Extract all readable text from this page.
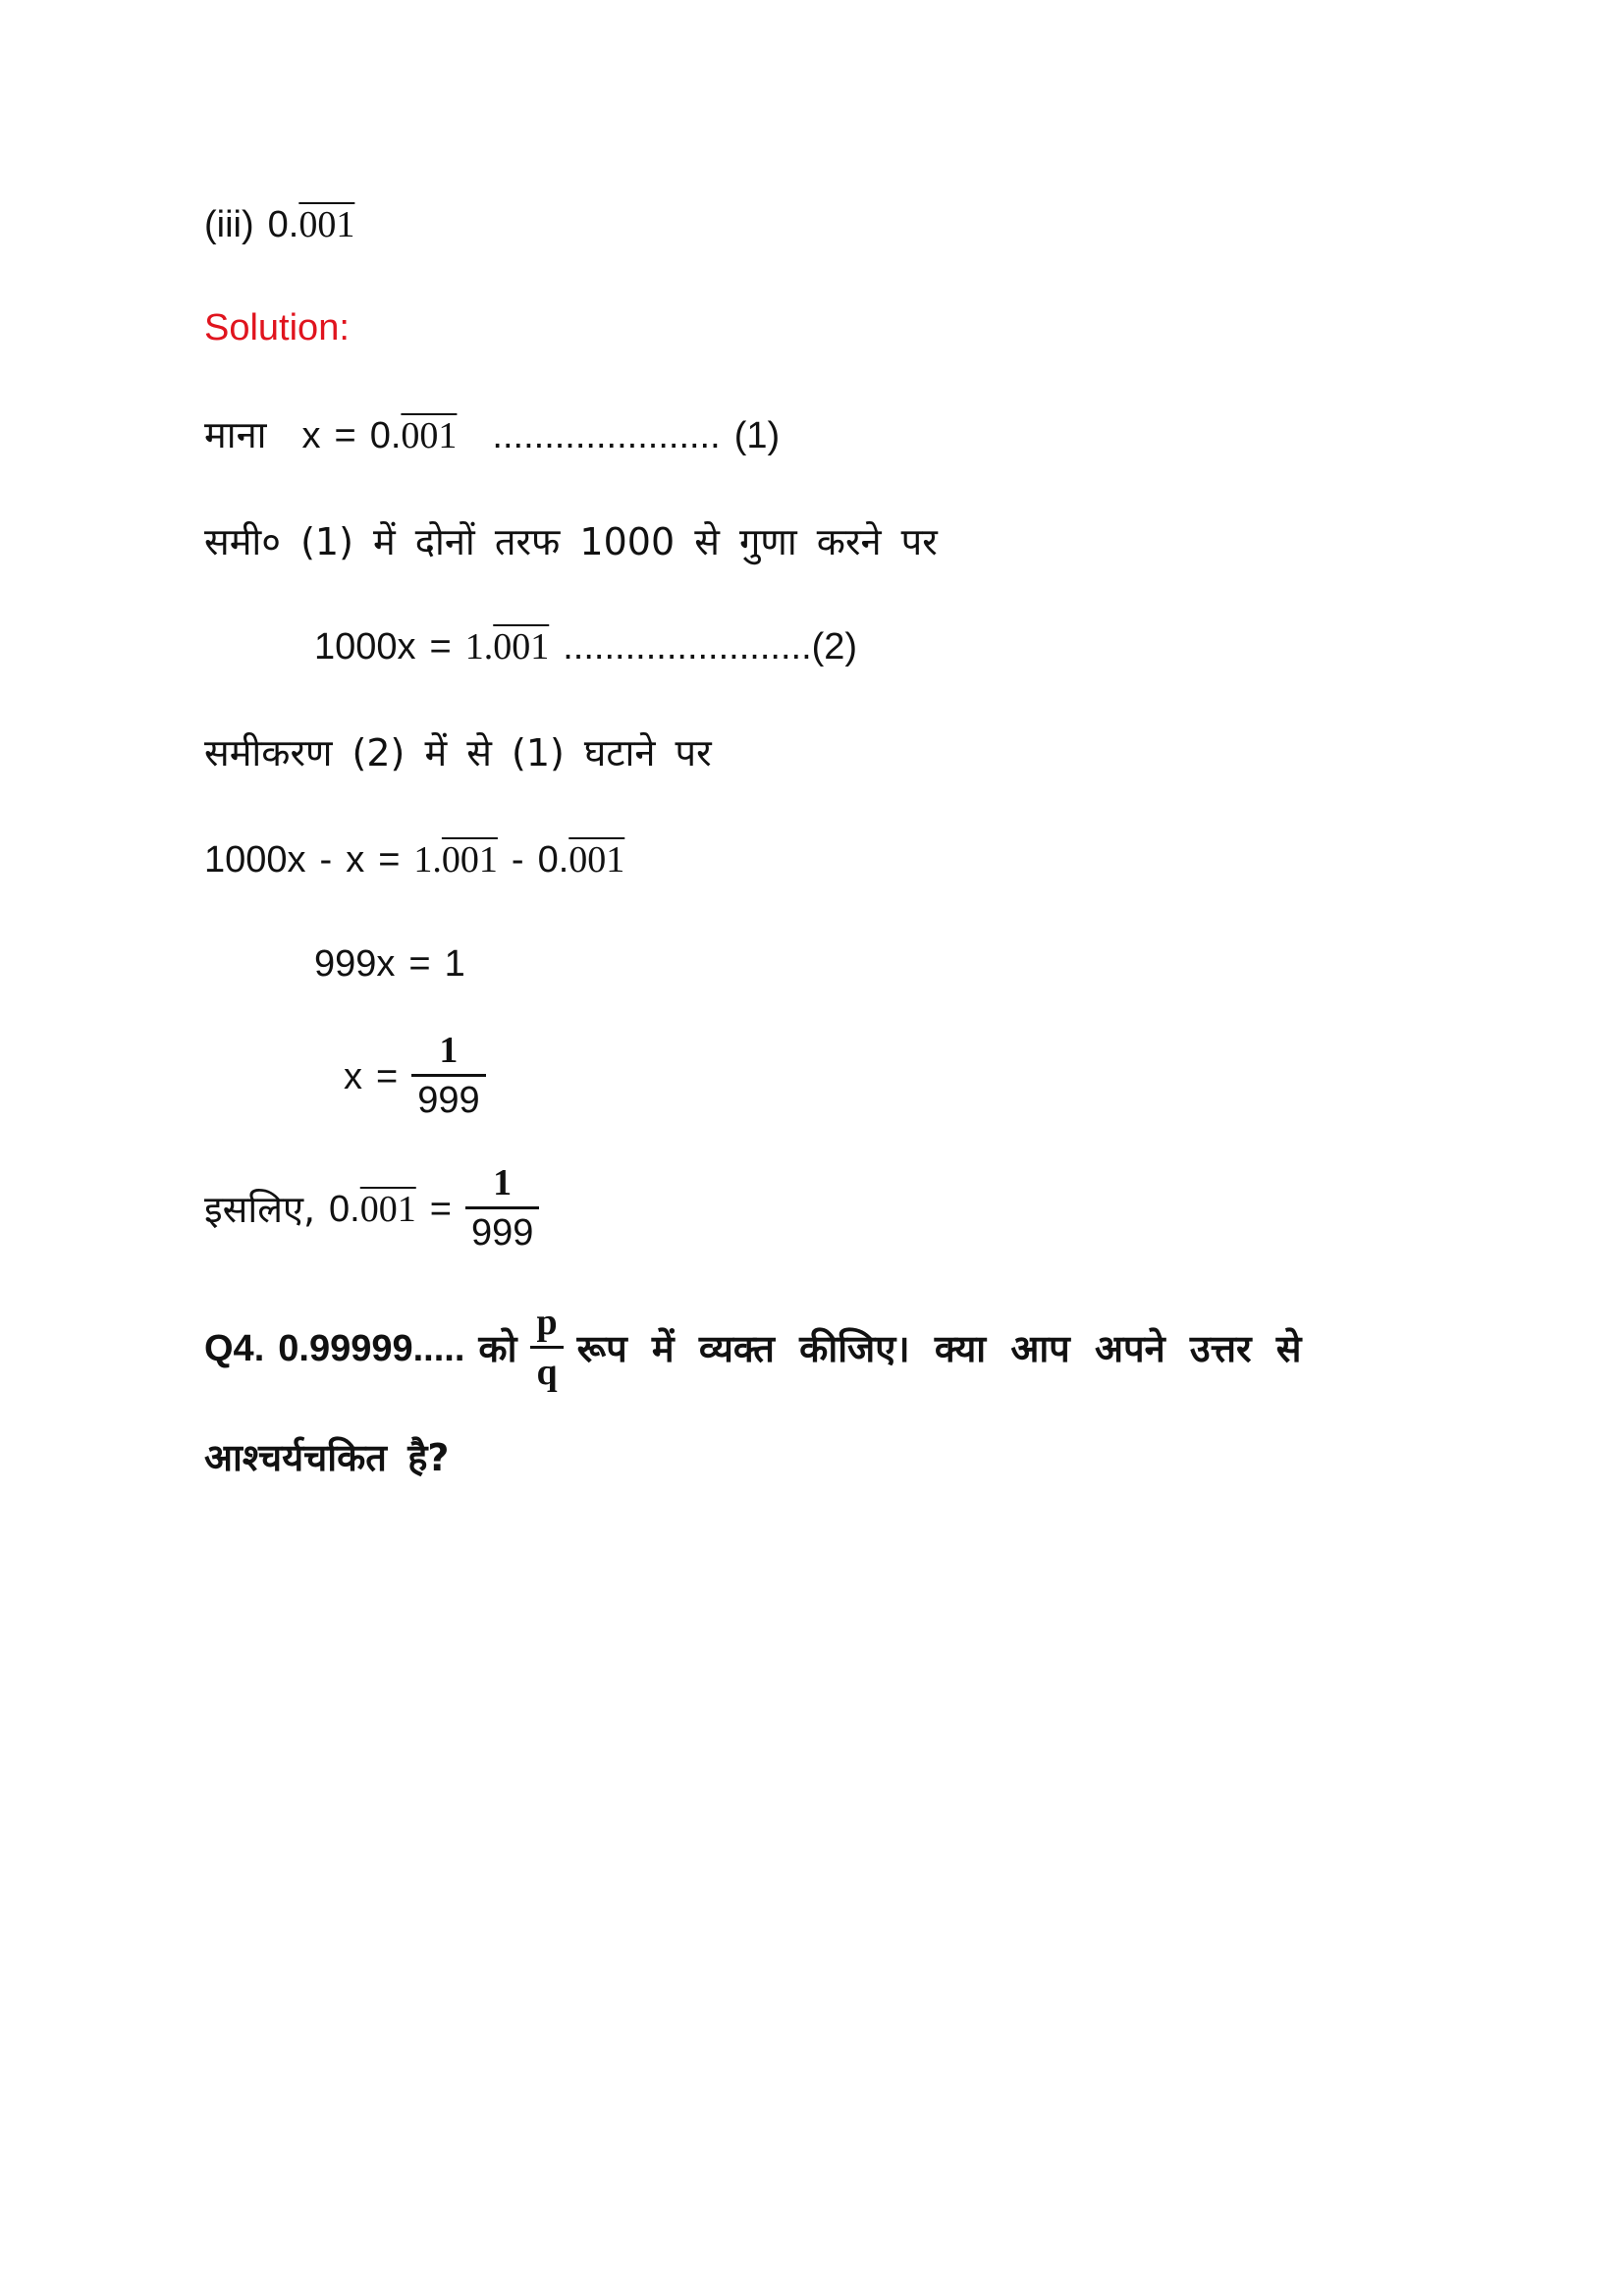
(iii) 0.001
Solution:
माना x = 0.001 ...................... (1)
समी० (1) में दोनों तरफ 1000 से गुणा करने पर
1000x = 1.001 ........................(2)
समीकरण (2) में से (1) घटाने पर
1000x - x = 1.001 - 0.001
999x = 1
$x = \frac{1}{999}$
इसलिए, $0.001 = \frac{1}{999}$
Q4. 0.99999..... को $\frac{p}{q}$ रूप में व्यक्त कीजिए। क्या आप अपने उत्तर से
आश्चर्यचकित है?
